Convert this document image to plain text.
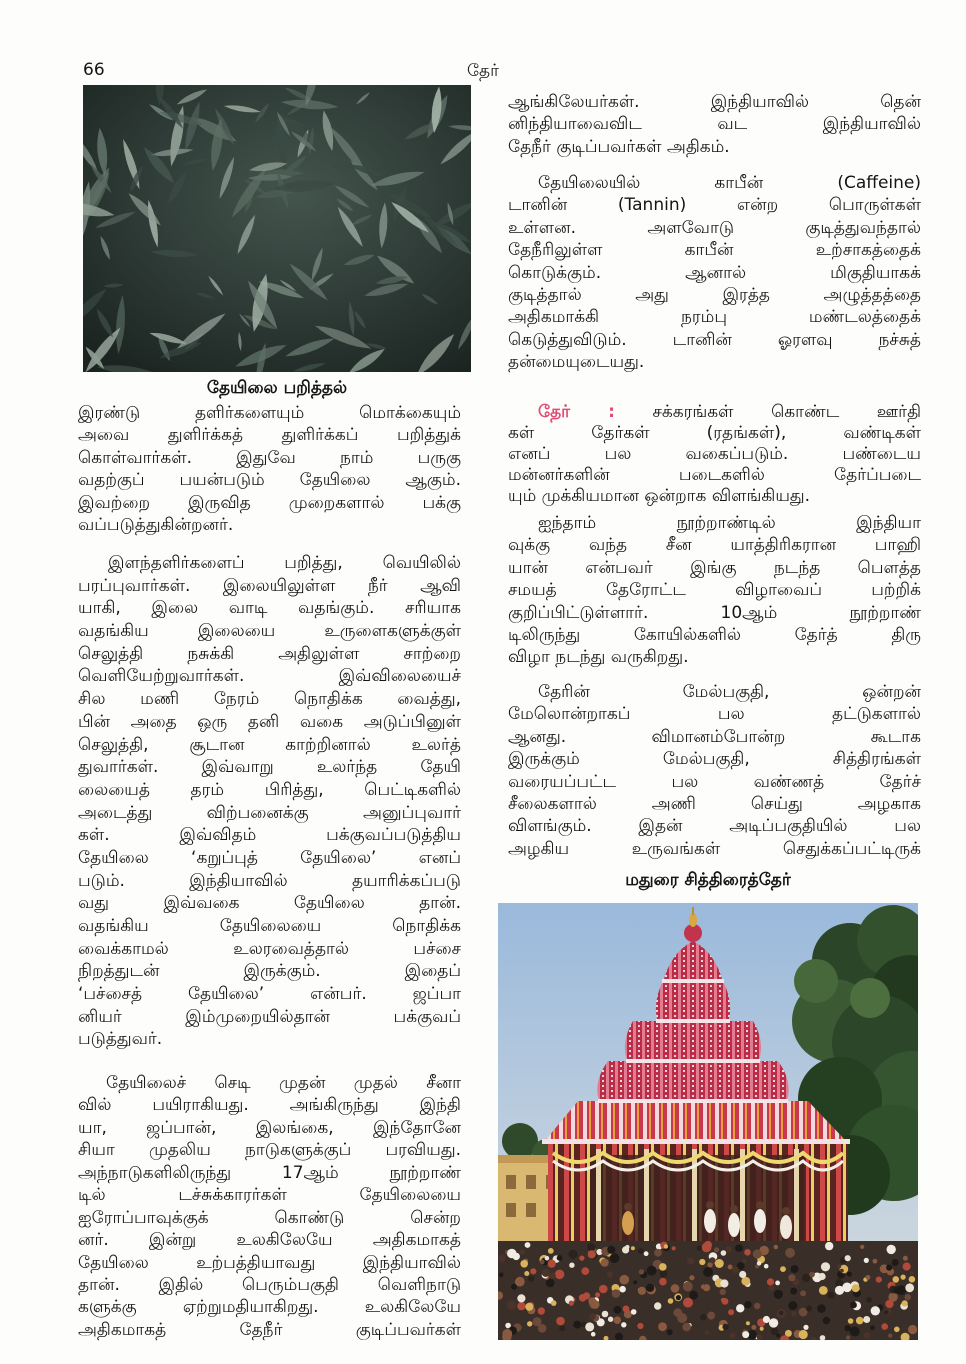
66	தேர்
தேயிலை பறித்தல்
மதுரை சித்திரைத்தேர்
இரண்டு தளிர்களையும் மொக்கையும்
அவை துளிர்க்கத் துளிர்க்கப் பறித்துக்
கொள்வார்கள். இதுவே நாம் பருகு
வதற்குப் பயன்படும் தேயிலை ஆகும்.
இவற்றை இருவித முறைகளால் பக்கு
வப்படுத்துகின்றனர்.
இளந்தளிர்களைப் பறித்து, வெயிலில்
பரப்புவார்கள். இலையிலுள்ள நீர் ஆவி
யாகி, இலை வாடி வதங்கும். சரியாக
வதங்கிய இலையை உருளைகளுக்குள்
செலுத்தி நசுக்கி அதிலுள்ள சாற்றை
வெளியேற்றுவார்கள். இவ்விலையைச்
சில மணி நேரம் நொதிக்க வைத்து,
பின் அதை ஒரு தனி வகை அடுப்பினுள்
செலுத்தி, சூடான காற்றினால் உலர்த்
துவார்கள். இவ்வாறு உலர்ந்த தேயி
லையைத் தரம் பிரித்து, பெட்டிகளில்
அடைத்து விற்பனைக்கு அனுப்புவார்
கள். இவ்விதம் பக்குவப்படுத்திய
தேயிலை ‘கறுப்புத் தேயிலை’ எனப்
படும். இந்தியாவில் தயாரிக்கப்படு
வது இவ்வகை தேயிலை தான்.
வதங்கிய தேயிலையை நொதிக்க
வைக்காமல் உலரவைத்தால் பச்சை
நிறத்துடன் இருக்கும். இதைப்
‘பச்சைத் தேயிலை’ என்பர். ஜப்பா
னியர் இம்முறையில்தான் பக்குவப்
படுத்துவர்.
தேயிலைச் செடி முதன் முதல் சீனா
வில் பயிராகியது. அங்கிருந்து இந்தி
யா, ஜப்பான், இலங்கை, இந்தோனே
சியா முதலிய நாடுகளுக்குப் பரவியது.
அந்நாடுகளிலிருந்து 17ஆம் நூற்றாண்
டில் டச்சுக்காரர்கள் தேயிலையை
ஐரோப்பாவுக்குக் கொண்டு சென்ற
னர். இன்று உலகிலேயே அதிகமாகத்
தேயிலை உற்பத்தியாவது இந்தியாவில்
தான். இதில் பெரும்பகுதி வெளிநாடு
களுக்கு ஏற்றுமதியாகிறது. உலகிலேயே
அதிகமாகத் தேநீர் குடிப்பவர்கள்
ஆங்கிலேயர்கள். இந்தியாவில் தென்
னிந்தியாவைவிட வட இந்தியாவில்
தேநீர் குடிப்பவர்கள் அதிகம்.
தேயிலையில் காபீன் (Caffeine)
டானின் (Tannin) என்ற பொருள்கள்
உள்ளன. அளவோடு குடித்துவந்தால்
தேநீரிலுள்ள காபீன் உற்சாகத்தைக்
கொடுக்கும். ஆனால் மிகுதியாகக்
குடித்தால் அது இரத்த அழுத்தத்தை
அதிகமாக்கி நரம்பு மண்டலத்தைக்
கெடுத்துவிடும். டானின் ஓரளவு நச்சுத்
தன்மையுடையது.
தேர் : சக்கரங்கள் கொண்ட ஊர்தி
கள் தேர்கள் (ரதங்கள்), வண்டிகள்
எனப் பல வகைப்படும். பண்டைய
மன்னர்களின் படைகளில் தேர்ப்படை
யும் முக்கியமான ஒன்றாக விளங்கியது.
ஐந்தாம் நூற்றாண்டில் இந்தியா
வுக்கு வந்த சீன யாத்திரிகரான பாஹி
யான் என்பவர் இங்கு நடந்த பௌத்த
சமயத் தேரோட்ட விழாவைப் பற்றிக்
குறிப்பிட்டுள்ளார். 10ஆம் நூற்றாண்
டிலிருந்து கோயில்களில் தேர்த் திரு
விழா நடந்து வருகிறது.
தேரின் மேல்பகுதி, ஒன்றன்
மேலொன்றாகப் பல தட்டுகளால்
ஆனது. விமானம்போன்ற கூடாக
இருக்கும் மேல்பகுதி, சித்திரங்கள்
வரையப்பட்ட பல வண்ணத் தேர்ச்
சீலைகளால் அணி செய்து அழகாக
விளங்கும். இதன் அடிப்பகுதியில் பல
அழகிய உருவங்கள் செதுக்கப்பட்டிருக்
